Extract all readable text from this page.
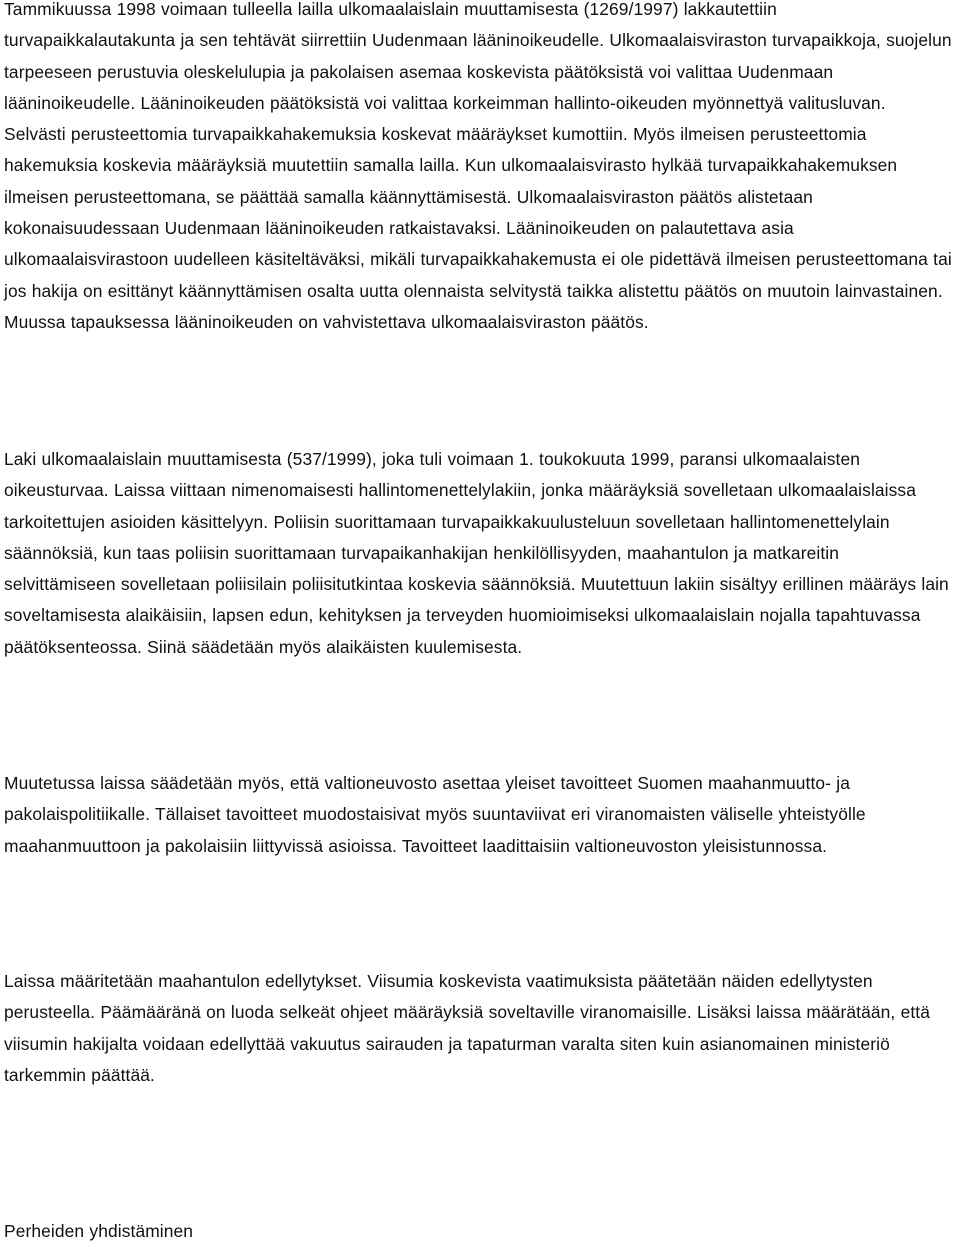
Tammikuussa 1998 voimaan tulleella lailla ulkomaalaislain muuttamisesta (1269/1997) lakkautettiin turvapaikkalautakunta ja sen tehtävät siirrettiin Uudenmaan lääninoikeudelle. Ulkomaalaisviraston turvapaikkoja, suojelun tarpeeseen perustuvia oleskelulupia ja pakolaisen asemaa koskevista päätöksistä voi valittaa Uudenmaan lääninoikeudelle. Lääninoikeuden päätöksistä voi valittaa korkeimman hallinto-oikeuden myönnettyä valitusluvan. Selvästi perusteettomia turvapaikkahakemuksia koskevat määräykset kumottiin. Myös ilmeisen perusteettomia hakemuksia koskevia määräyksiä muutettiin samalla lailla. Kun ulkomaalaisvirasto hylkää turvapaikkahakemuksen ilmeisen perusteettomana, se päättää samalla käännyttämisestä. Ulkomaalaisviraston päätös alistetaan kokonaisuudessaan Uudenmaan lääninoikeuden ratkaistavaksi. Lääninoikeuden on palautettava asia ulkomaalaisvirastoon uudelleen käsiteltäväksi, mikäli turvapaikkahakemusta ei ole pidettävä ilmeisen perusteettomana tai jos hakija on esittänyt käännyttämisen osalta uutta olennaista selvitystä taikka alistettu päätös on muutoin lainvastainen. Muussa tapauksessa lääninoikeuden on vahvistettava ulkomaalaisviraston päätös.

Laki ulkomaalaislain muuttamisesta (537/1999), joka tuli voimaan 1. toukokuuta 1999, paransi ulkomaalaisten oikeusturvaa. Laissa viittaan nimenomaisesti hallintomenettelylakiin, jonka määräyksiä sovelletaan ulkomaalaislaissa tarkoitettujen asioiden käsittelyyn. Poliisin suorittamaan turvapaikkakuulusteluun sovelletaan hallintomenettelylain säännöksiä, kun taas poliisin suorittamaan turvapaikanhakijan henkilöllisyyden, maahantulon ja matkareitin selvittämiseen sovelletaan poliisilain poliisitutkintaa koskevia säännöksiä. Muutettuun lakiin sisältyy erillinen määräys lain soveltamisesta alaikäisiin, lapsen edun, kehityksen ja terveyden huomioimiseksi ulkomaalaislain nojalla tapahtuvassa päätöksenteossa. Siinä säädetään myös alaikäisten kuulemisesta.

Muutetussa laissa säädetään myös, että valtioneuvosto asettaa yleiset tavoitteet Suomen maahanmuutto- ja pakolaispolitiikalle. Tällaiset tavoitteet muodostaisivat myös suuntaviivat eri viranomaisten väliselle yhteistyölle maahanmuuttoon ja pakolaisiin liittyvissä asioissa. Tavoitteet laadittaisiin valtioneuvoston yleisistunnossa.

Laissa määritetään maahantulon edellytykset. Viisumia koskevista vaatimuksista päätetään näiden edellytysten perusteella. Päämääränä on luoda selkeät ohjeet määräyksiä soveltaville viranomaisille. Lisäksi laissa määrätään, että viisumin hakijalta voidaan edellyttää vakuutus sairauden ja tapaturman varalta siten kuin asianomainen ministeriö tarkemmin päättää.

Perheiden yhdistäminen
